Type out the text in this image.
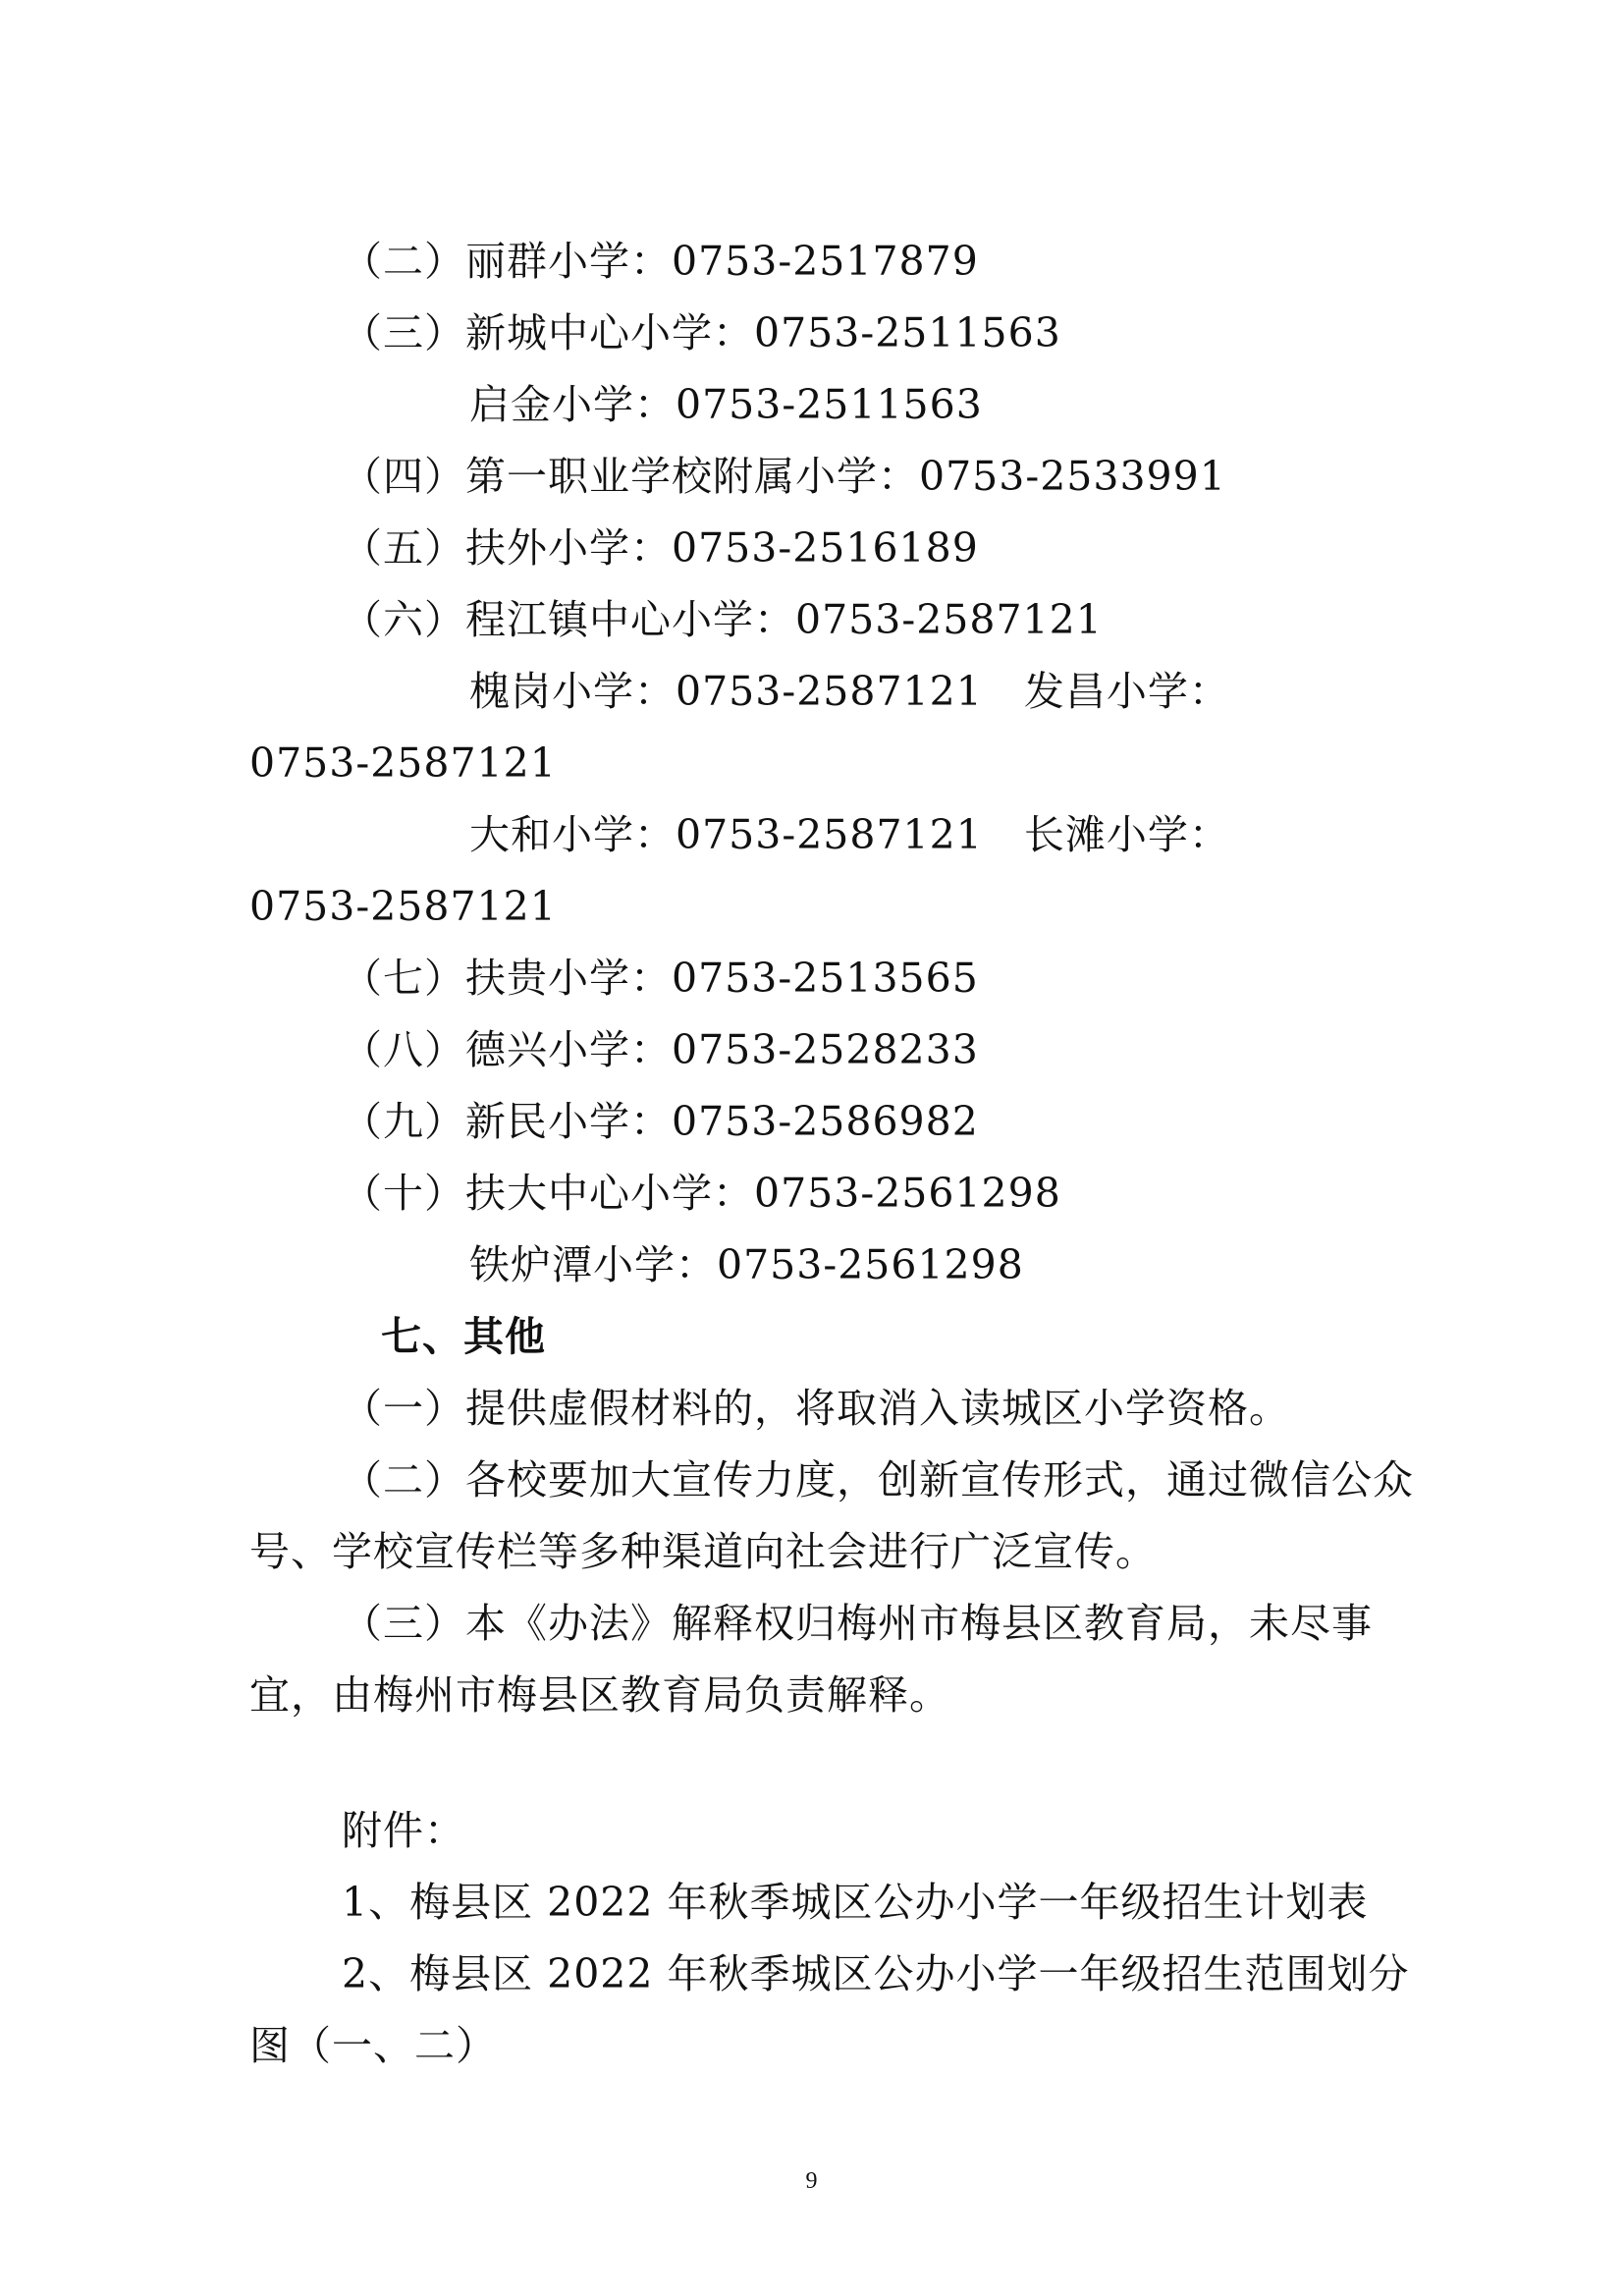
（二）丽群小学：0753-2517879
（三）新城中心小学：0753-2511563
启金小学：0753-2511563
（四）第一职业学校附属小学：0753-2533991
（五）扶外小学：0753-2516189
（六）程江镇中心小学：0753-2587121
槐岗小学：0753-2587121   发昌小学：
0753-2587121
大和小学：0753-2587121   长滩小学：
0753-2587121
（七）扶贵小学：0753-2513565
（八）德兴小学：0753-2528233
（九）新民小学：0753-2586982
（十）扶大中心小学：0753-2561298
铁炉潭小学：0753-2561298
七、其他
（一）提供虚假材料的，将取消入读城区小学资格。
（二）各校要加大宣传力度，创新宣传形式，通过微信公众
号、学校宣传栏等多种渠道向社会进行广泛宣传。
（三）本《办法》解释权归梅州市梅县区教育局，未尽事
宜，由梅州市梅县区教育局负责解释。
附件：
1、梅县区 2022 年秋季城区公办小学一年级招生计划表
2、梅县区 2022 年秋季城区公办小学一年级招生范围划分
图（一、二）
9
